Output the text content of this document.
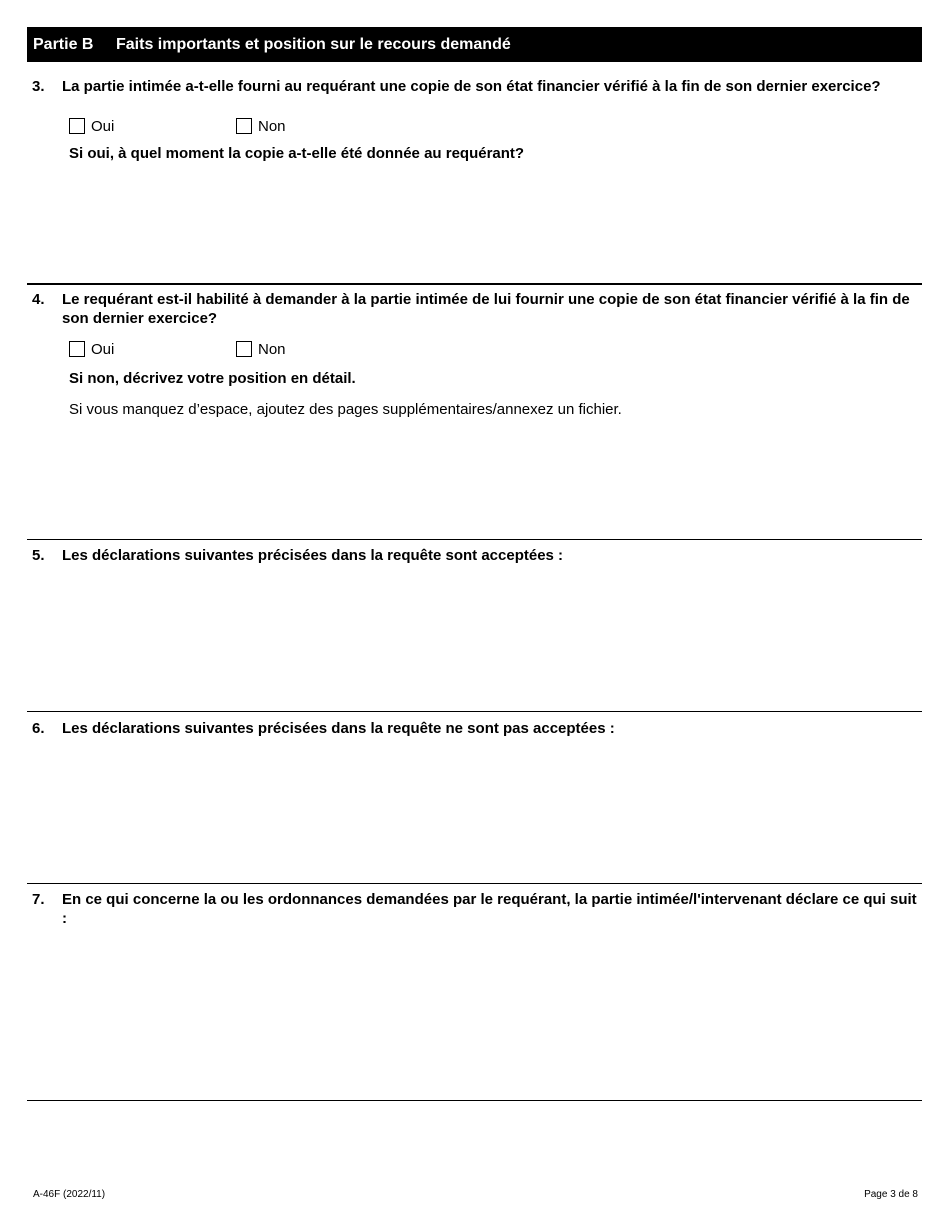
Partie B Faits importants et position sur le recours demandé
3. La partie intimée a-t-elle fourni au requérant une copie de son état financier vérifié à la fin de son dernier exercice?
Oui	Non
Si oui, à quel moment la copie a-t-elle été donnée au requérant?
4. Le requérant est-il habilité à demander à la partie intimée de lui fournir une copie de son état financier vérifié à la fin de son dernier exercice?
Oui	Non
Si non, décrivez votre position en détail.
Si vous manquez d’espace, ajoutez des pages supplémentaires/annexez un fichier.
5. Les déclarations suivantes précisées dans la requête sont acceptées :
6. Les déclarations suivantes précisées dans la requête ne sont pas acceptées :
7. En ce qui concerne la ou les ordonnances demandées par le requérant, la partie intimée/l'intervenant déclare ce qui suit :
A-46F (2022/11)	Page 3 de 8
